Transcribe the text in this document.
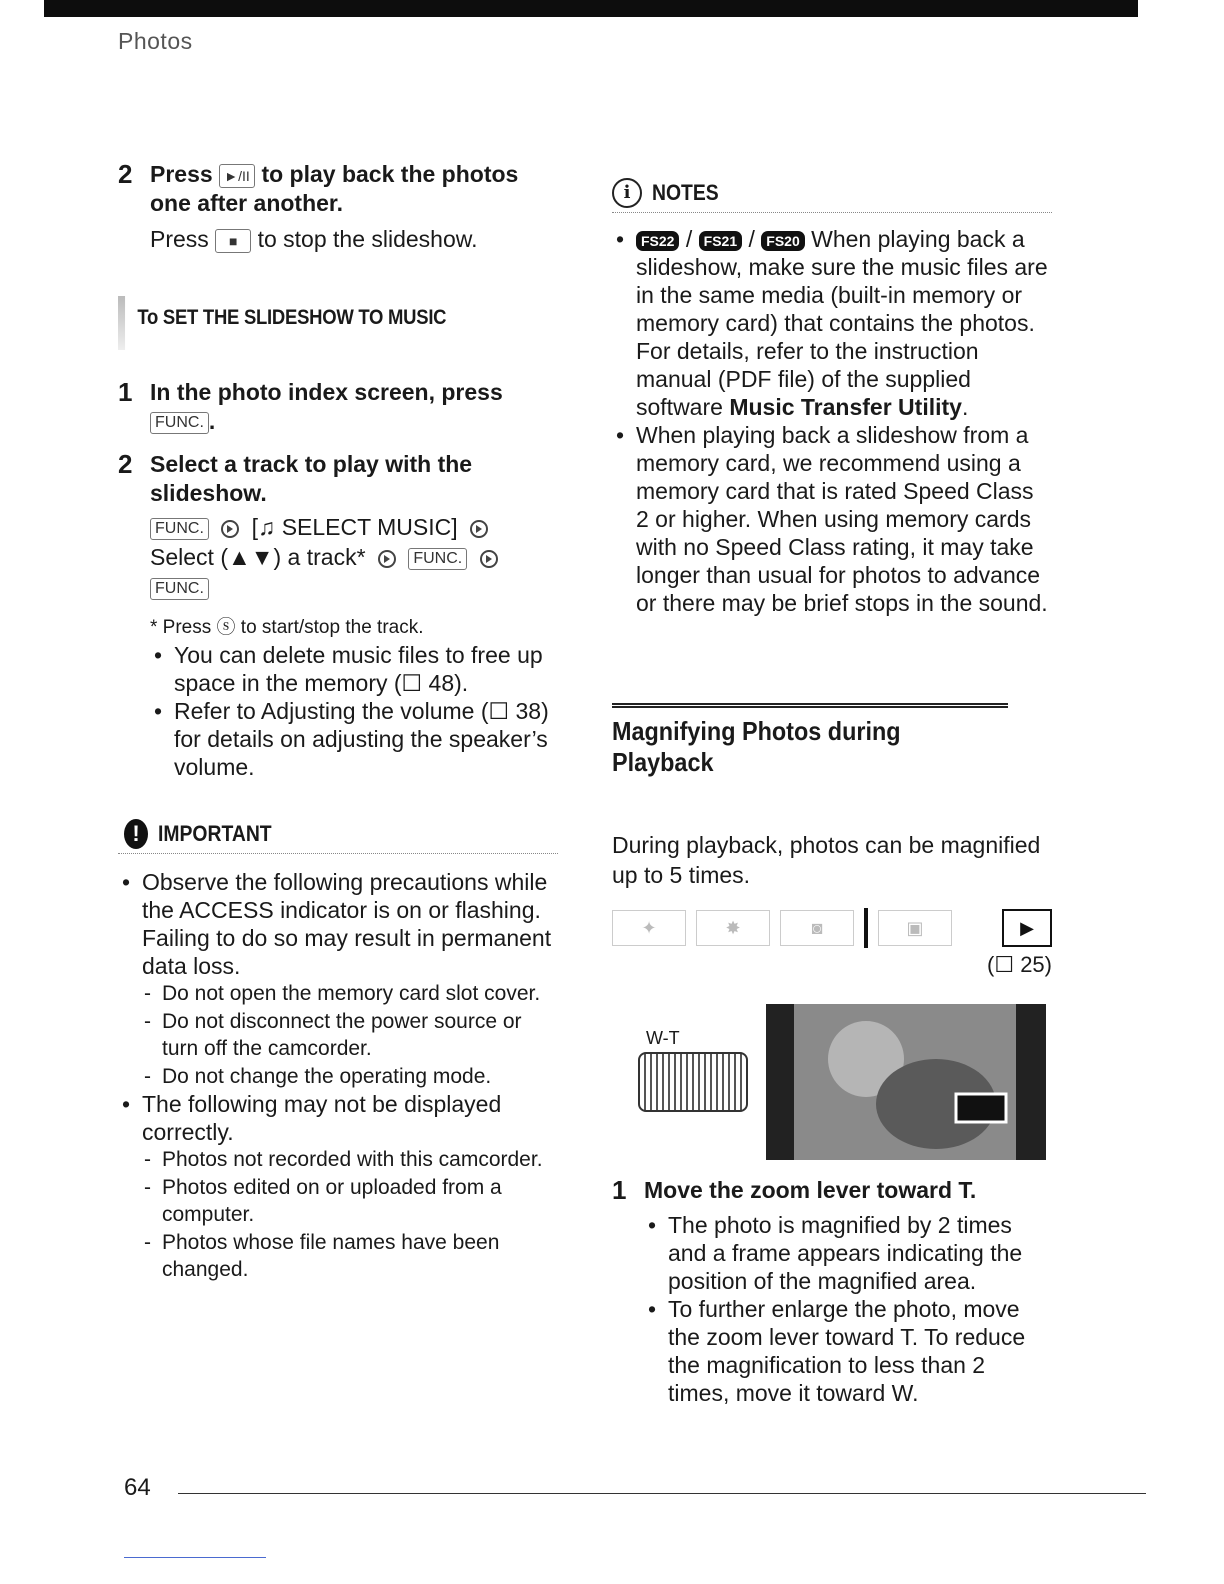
Photos
2 Press ►/II to play back the photos one after another.
Press ■ to stop the slideshow.
To SET THE SLIDESHOW TO MUSIC
1 In the photo index screen, press
FUNC. .
2 Select a track to play with the slideshow.
FUNC. [♫ SELECT MUSIC]
Select (▲▼) a track*	FUNC.
FUNC.
* Press ⓢ to start/stop the track.
• You can delete music files to free up space in the memory (☐ 48).
• Refer to Adjusting the volume (☐ 38) for details on adjusting the speaker’s volume.
! IMPORTANT
• Observe the following precautions while the ACCESS indicator is on or flashing. Failing to do so may result in permanent data loss.
- Do not open the memory card slot cover.
- Do not disconnect the power source or turn off the camcorder.
- Do not change the operating mode.
• The following may not be displayed correctly.
- Photos not recorded with this camcorder.
- Photos edited on or uploaded from a computer.
- Photos whose file names have been changed.
i NOTES
• FS22 / FS21 / FS20 When playing back a slideshow, make sure the music files are in the same media (built-in memory or memory card) that contains the photos. For details, refer to the instruction manual (PDF file) of the supplied software Music Transfer Utility.
• When playing back a slideshow from a memory card, we recommend using a memory card that is rated Speed Class 2 or higher. When using memory cards with no Speed Class rating, it may take longer than usual for photos to advance or there may be brief stops in the sound.
Magnifying Photos during Playback
During playback, photos can be magnified up to 5 times.
✦	✸	◙	▣	▶
(☐ 25)
W-T
1 Move the zoom lever toward T.
• The photo is magnified by 2 times and a frame appears indicating the position of the magnified area.
• To further enlarge the photo, move the zoom lever toward T. To reduce the magnification to less than 2 times, move it toward W.
64
